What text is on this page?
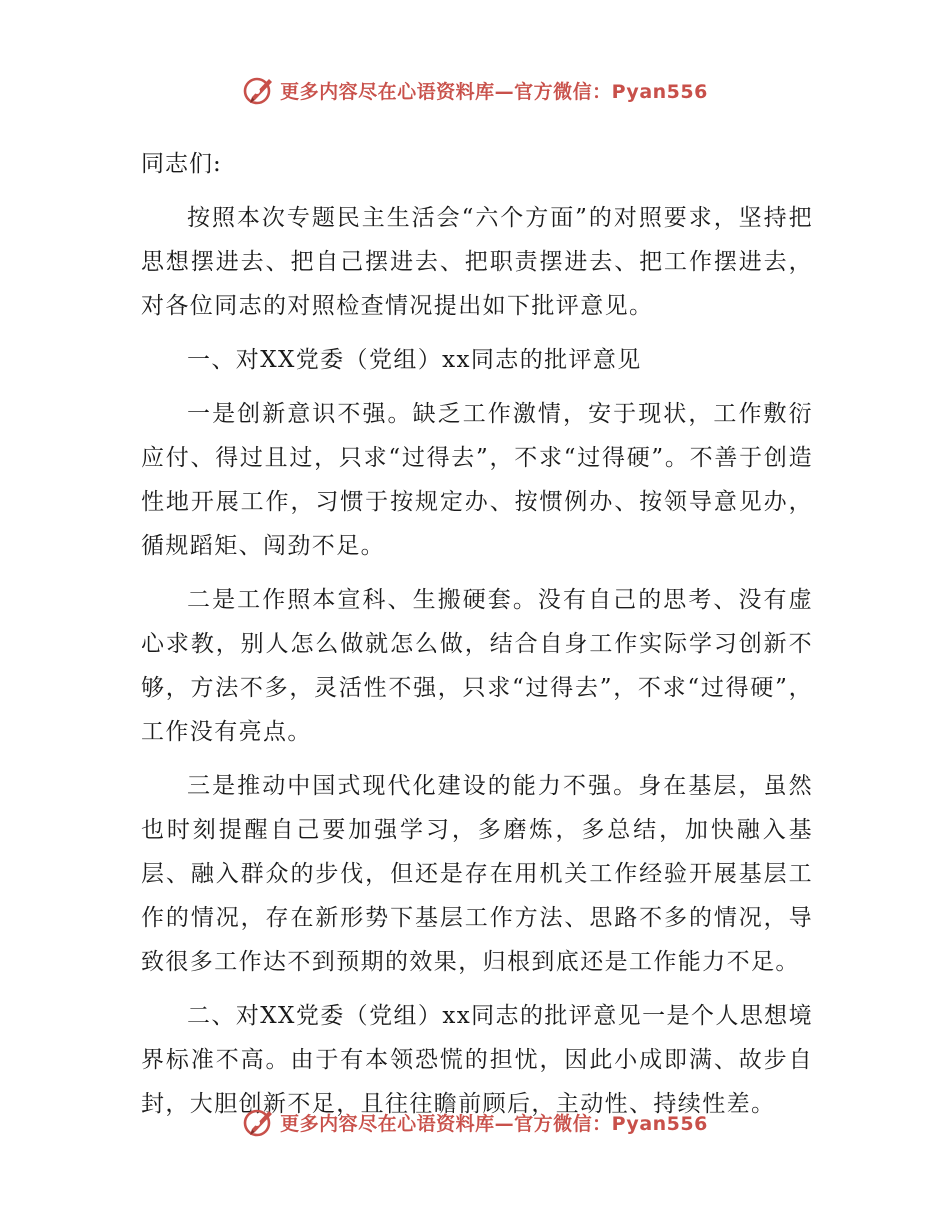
更多内容尽在心语资料库—官方微信：Pyan556

同志们:

按照本次专题民主生活会“六个方面”的对照要求，坚持把思想摆进去、把自己摆进去、把职责摆进去、把工作摆进去，对各位同志的对照检查情况提出如下批评意见。

一、对XX党委（党组）xx同志的批评意见

一是创新意识不强。缺乏工作激情，安于现状，工作敷衍应付、得过且过，只求“过得去”，不求“过得硬”。不善于创造性地开展工作，习惯于按规定办、按惯例办、按领导意见办，循规蹈矩、闯劲不足。

二是工作照本宣科、生搬硬套。没有自己的思考、没有虚心求教，别人怎么做就怎么做，结合自身工作实际学习创新不够，方法不多，灵活性不强，只求“过得去”，不求“过得硬”，工作没有亮点。

三是推动中国式现代化建设的能力不强。身在基层，虽然也时刻提醒自己要加强学习，多磨炼，多总结，加快融入基层、融入群众的步伐，但还是存在用机关工作经验开展基层工作的情况，存在新形势下基层工作方法、思路不多的情况，导致很多工作达不到预期的效果，归根到底还是工作能力不足。

二、对XX党委（党组）xx同志的批评意见一是个人思想境界标准不高。由于有本领恐慌的担忧，因此小成即满、故步自封，大胆创新不足，且往往瞻前顾后，主动性、持续性差。

更多内容尽在心语资料库—官方微信：Pyan556
